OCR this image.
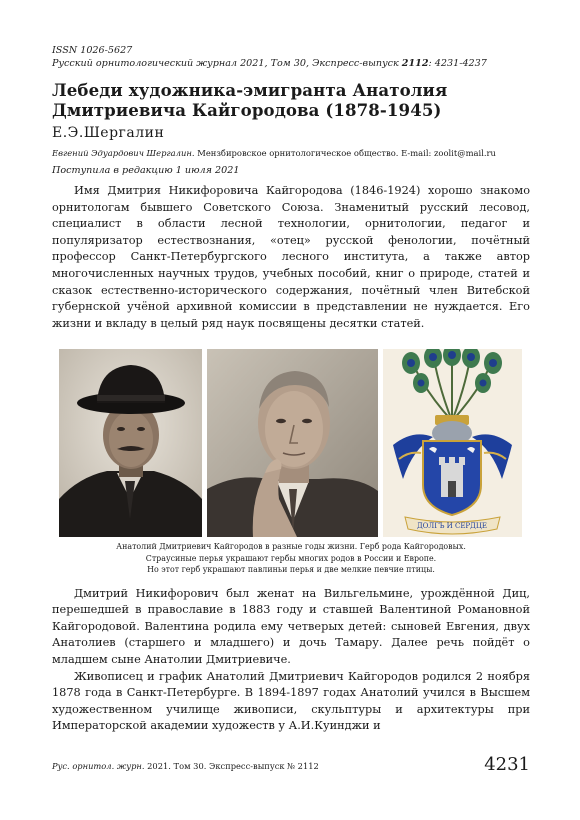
ISSN 1026-5627
Русский орнитологический журнал 2021, Том 30, Экспресс-выпуск 2112: 4231-4237
Лебеди художника-эмигранта Анатолия
Дмитриевича Кайгородова (1878-1945)
Е.Э.Шергалин
Евгений Эдуардович Шергалин. Мензбировское орнитологическое общество. E-mail: zoolit@mail.ru
Поступила в редакцию 1 июля 2021

Имя Дмитрия Никифоровича Кайгородова (1846-1924) хорошо знакомо орнитологам бывшего Советского Союза. Знаменитый русский лесовод, специалист в области лесной технологии, орнитологии, педагог и популяризатор естествознания, «отец» русской фенологии, почётный профессор Санкт-Петербургского лесного института, а также автор многочисленных научных трудов, учебных пособий, книг о природе, статей и сказок естественно-исторического содержания, почётный член Витебской губернской учёной архивной комиссии в представлении не нуждается. Его жизни и вкладу в целый ряд наук посвящены десятки статей.

ДОЛГЪ И СЕРДЦЕ
Анатолий Дмитриевич Кайгородов в разные годы жизни. Герб рода Кайгородовых.
Страусиные перья украшают гербы многих родов в России и Европе.
Но этот герб украшают павлиньи перья и две мелкие певчие птицы.

Дмитрий Никифорович был женат на Вильгельмине, урождённой Диц, перешедшей в православие в 1883 году и ставшей Валентиной Романовной Кайгородовой. Валентина родила ему четверых детей: сыновей Евгения, двух Анатолиев (старшего и младшего) и дочь Тамару. Далее речь пойдёт о младшем сыне Анатолии Дмитриевиче.

Живописец и график Анатолий Дмитриевич Кайгородов родился 2 ноября 1878 года в Санкт-Петербурге. В 1894-1897 годах Анатолий учился в Высшем художественном училище живописи, скульптуры и архитектуры при Императорской академии художеств у А.И.Куинджи и

Рус. орнитол. журн. 2021. Том 30. Экспресс-выпуск № 2112	4231
